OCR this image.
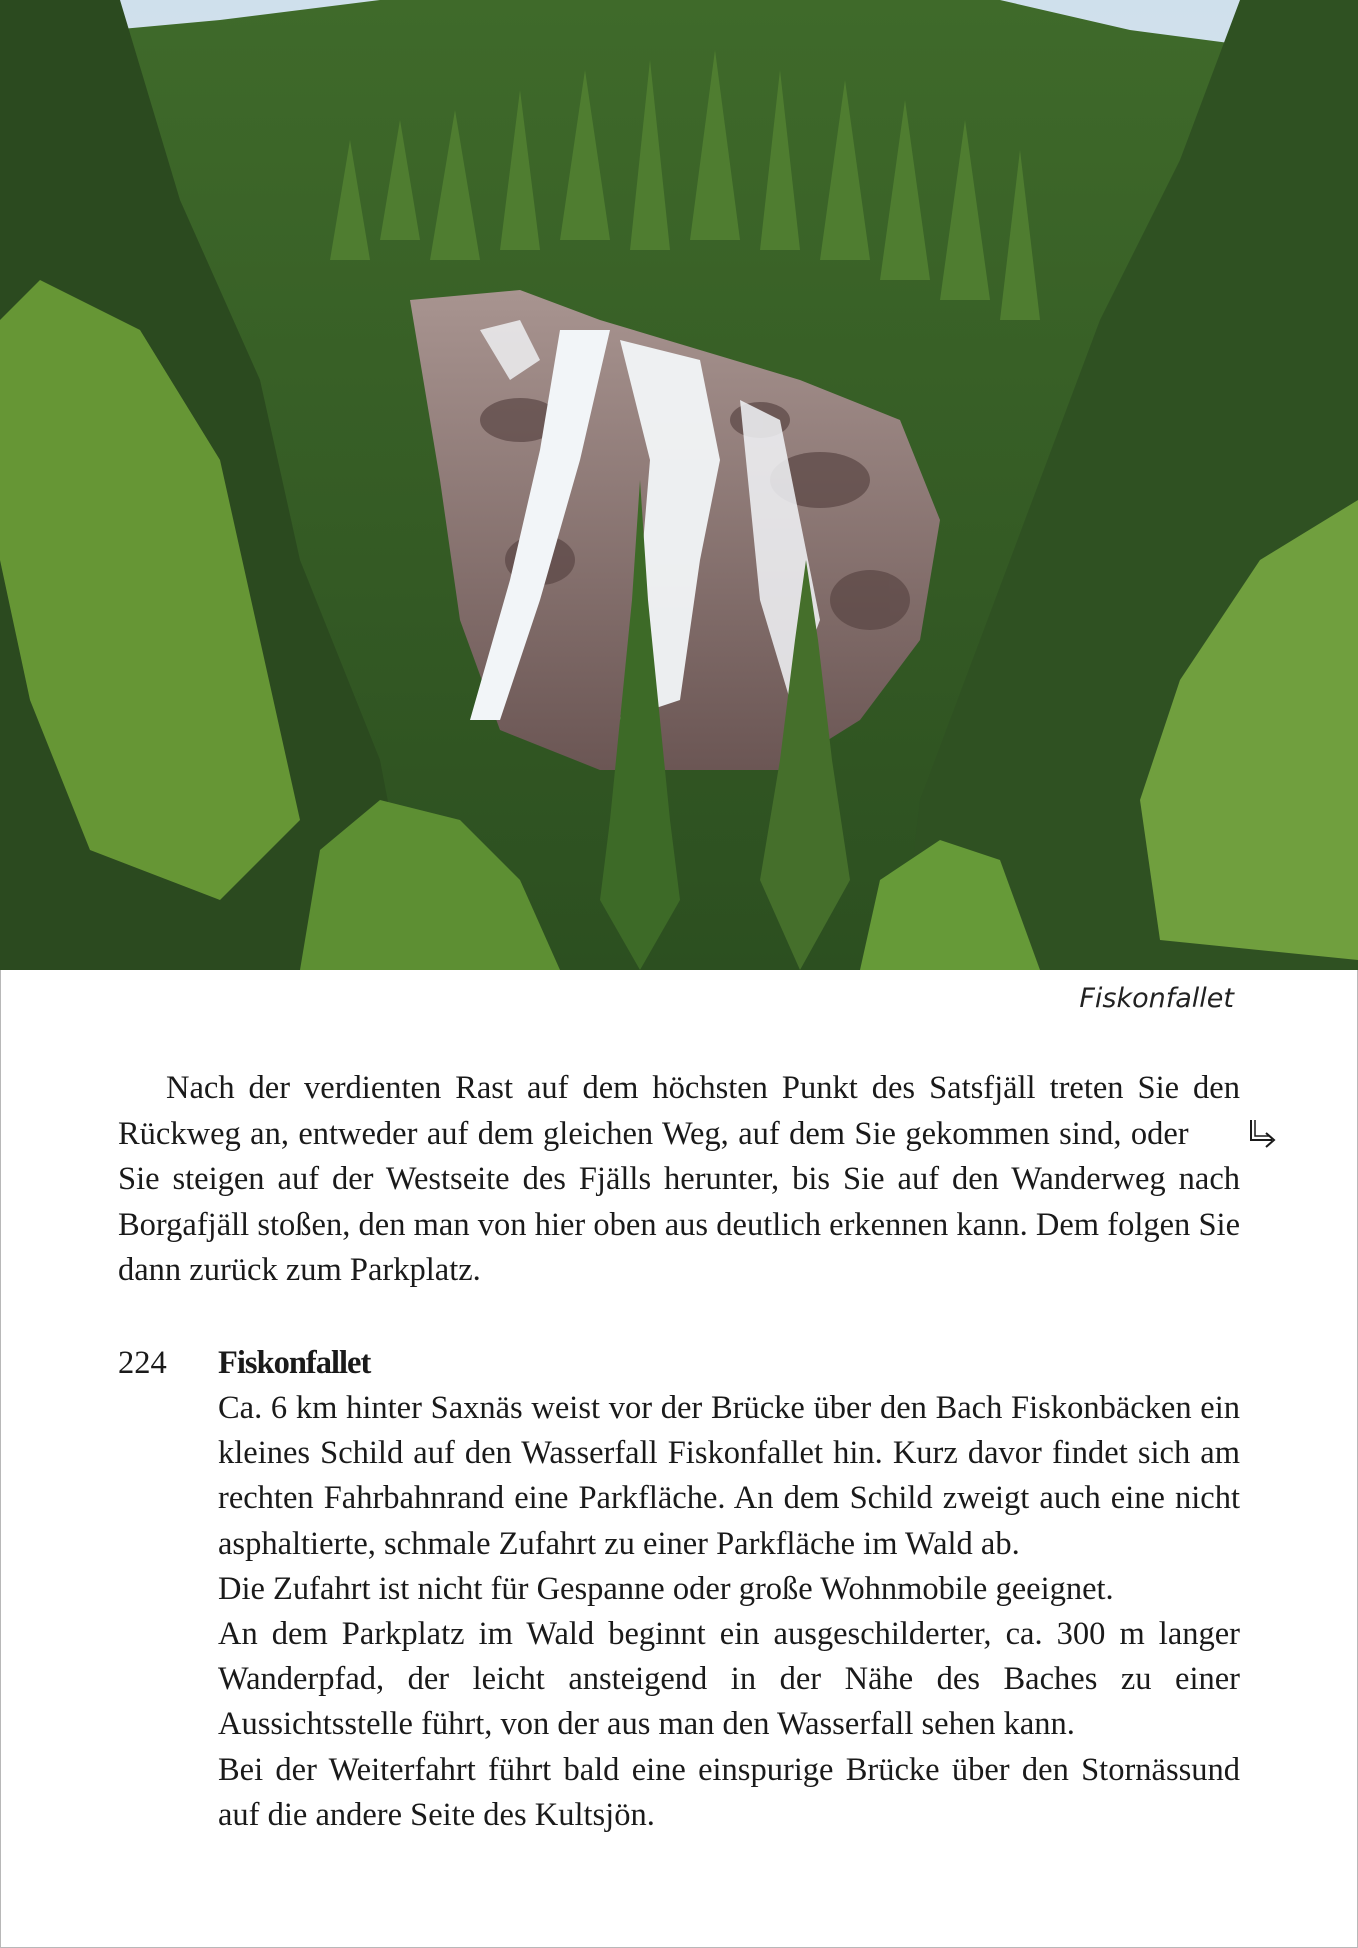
Fiskonfallet

Nach der verdienten Rast auf dem höchsten Punkt des Satsfjäll treten Sie den Rückweg an, entweder auf dem gleichen Weg, auf dem Sie gekommen sind, oder Sie steigen auf der Westseite des Fjälls herunter, bis Sie auf den Wanderweg nach Borgafjäll stoßen, den man von hier oben aus deutlich erkennen kann. Dem folgen Sie dann zurück zum Parkplatz.

224 Fiskonfallet

Ca. 6 km hinter Saxnäs weist vor der Brücke über den Bach Fiskonbäcken ein kleines Schild auf den Wasserfall Fiskonfallet hin. Kurz davor findet sich am rechten Fahrbahnrand eine Parkfläche. An dem Schild zweigt auch eine nicht asphaltierte, schmale Zufahrt zu einer Parkfläche im Wald ab.

Die Zufahrt ist nicht für Gespanne oder große Wohnmobile geeignet.

An dem Parkplatz im Wald beginnt ein ausgeschilderter, ca. 300 m langer Wanderpfad, der leicht ansteigend in der Nähe des Baches zu einer Aussichtsstelle führt, von der aus man den Wasserfall sehen kann.

Bei der Weiterfahrt führt bald eine einspurige Brücke über den Stornässund auf die andere Seite des Kultsjön.
